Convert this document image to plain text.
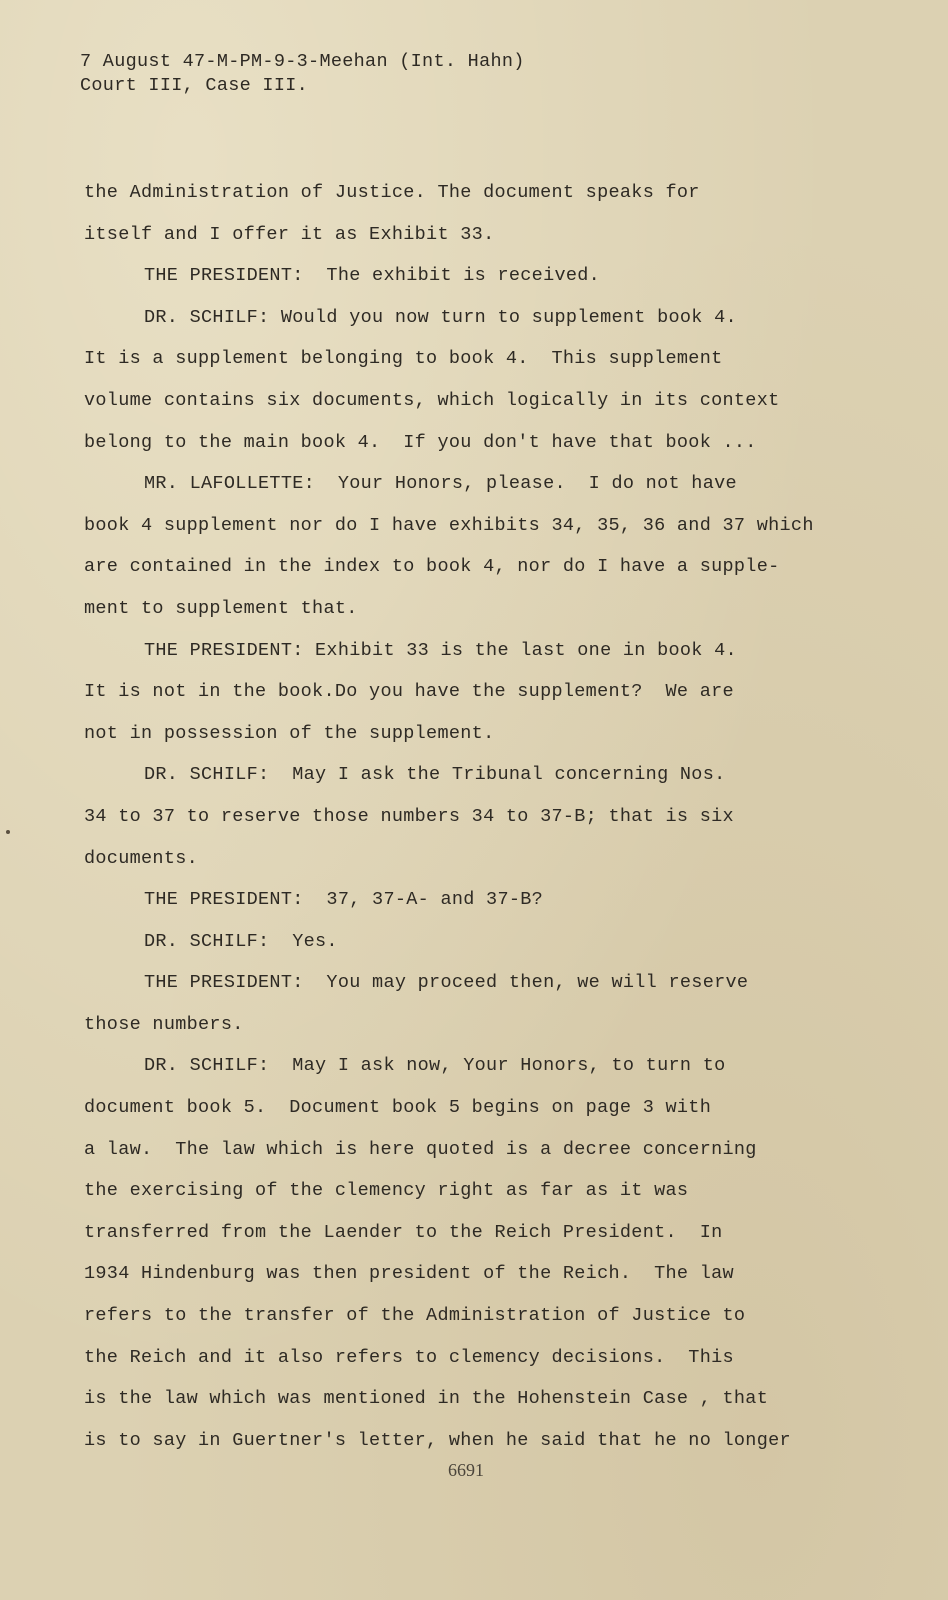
7 August 47-M-PM-9-3-Meehan (Int. Hahn)
Court III, Case III.
the Administration of Justice. The document speaks for
itself and I offer it as Exhibit 33.
THE PRESIDENT:  The exhibit is received.
DR. SCHILF: Would you now turn to supplement book 4.
It is a supplement belonging to book 4.  This supplement
volume contains six documents, which logically in its context
belong to the main book 4.  If you don't have that book ...
MR. LAFOLLETTE:  Your Honors, please.  I do not have
book 4 supplement nor do I have exhibits 34, 35, 36 and 37 which
are contained in the index to book 4, nor do I have a supple-
ment to supplement that.
THE PRESIDENT: Exhibit 33 is the last one in book 4.
It is not in the book.Do you have the supplement?  We are
not in possession of the supplement.
DR. SCHILF:  May I ask the Tribunal concerning Nos.
34 to 37 to reserve those numbers 34 to 37-B; that is six
documents.
THE PRESIDENT:  37, 37-A- and 37-B?
DR. SCHILF:  Yes.
THE PRESIDENT:  You may proceed then, we will reserve
those numbers.
DR. SCHILF:  May I ask now, Your Honors, to turn to
document book 5.  Document book 5 begins on page 3 with
a law.  The law which is here quoted is a decree concerning
the exercising of the clemency right as far as it was
transferred from the Laender to the Reich President.  In
1934 Hindenburg was then president of the Reich.  The law
refers to the transfer of the Administration of Justice to
the Reich and it also refers to clemency decisions.  This
is the law which was mentioned in the Hohenstein Case , that
is to say in Guertner's letter, when he said that he no longer
6691
